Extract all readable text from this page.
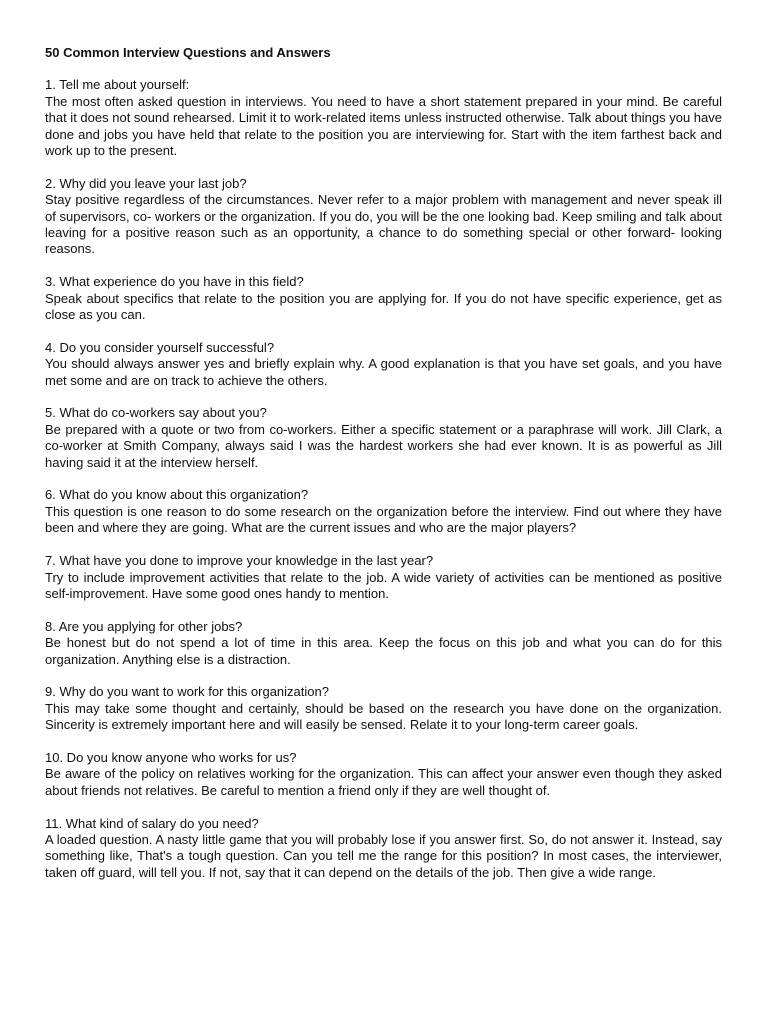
50 Common Interview Questions and Answers
1. Tell me about yourself:
The most often asked question in interviews. You need to have a short statement prepared in your mind. Be careful that it does not sound rehearsed. Limit it to work-related items unless instructed otherwise. Talk about things you have done and jobs you have held that relate to the position you are interviewing for. Start with the item farthest back and work up to the present.
2. Why did you leave your last job?
Stay positive regardless of the circumstances. Never refer to a major problem with management and never speak ill of supervisors, co- workers or the organization. If you do, you will be the one looking bad. Keep smiling and talk about leaving for a positive reason such as an opportunity, a chance to do something special or other forward- looking reasons.
3. What experience do you have in this field?
Speak about specifics that relate to the position you are applying for. If you do not have specific experience, get as close as you can.
4. Do you consider yourself successful?
You should always answer yes and briefly explain why. A good explanation is that you have set goals, and you have met some and are on track to achieve the others.
5. What do co-workers say about you?
Be prepared with a quote or two from co-workers. Either a specific statement or a paraphrase will work. Jill Clark, a co-worker at Smith Company, always said I was the hardest workers she had ever known. It is as powerful as Jill having said it at the interview herself.
6. What do you know about this organization?
This question is one reason to do some research on the organization before the interview. Find out where they have been and where they are going. What are the current issues and who are the major players?
7. What have you done to improve your knowledge in the last year?
Try to include improvement activities that relate to the job. A wide variety of activities can be mentioned as positive self-improvement. Have some good ones handy to mention.
8. Are you applying for other jobs?
Be honest but do not spend a lot of time in this area. Keep the focus on this job and what you can do for this organization. Anything else is a distraction.
9. Why do you want to work for this organization?
This may take some thought and certainly, should be based on the research you have done on the organization. Sincerity is extremely important here and will easily be sensed. Relate it to your long-term career goals.
10. Do you know anyone who works for us?
Be aware of the policy on relatives working for the organization. This can affect your answer even though they asked about friends not relatives. Be careful to mention a friend only if they are well thought of.
11. What kind of salary do you need?
A loaded question. A nasty little game that you will probably lose if you answer first. So, do not answer it. Instead, say something like, That's a tough question. Can you tell me the range for this position? In most cases, the interviewer, taken off guard, will tell you. If not, say that it can depend on the details of the job. Then give a wide range.
